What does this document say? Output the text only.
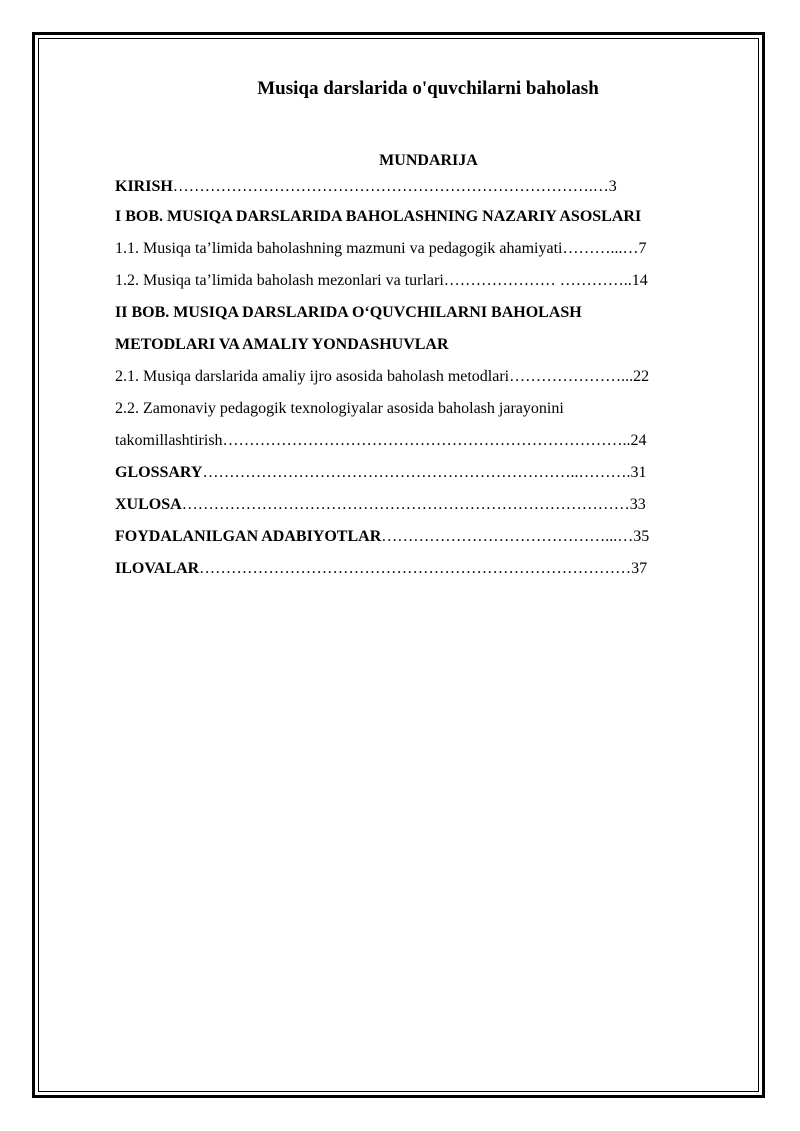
Musiqa darslarida o'quvchilarni baholash
MUNDARIJA
KIRISH…………………………………………………………………….…3
I BOB. MUSIQA DARSLARIDA BAHOLASHNING NAZARIY ASOSLARI
1.1. Musiqa ta’limida baholashning mazmuni va pedagogik ahamiyati………...…7
1.2. Musiqa ta’limida baholash mezonlari va turlari………………… …………..14
II BOB. MUSIQA DARSLARIDA O‘QUVCHILARNI BAHOLASH
METODLARI VA AMALIY YONDASHUVLAR
2.1. Musiqa darslarida amaliy ijro asosida baholash metodlari…………………...22
2.2. Zamonaviy pedagogik texnologiyalar asosida baholash jarayonini
takomillashtirish…………………………………………………………………..24
GLOSSARY……………………………………………………………..……….31
XULOSA…………………………………………………………………………33
FOYDALANILGAN ADABIYOTLAR……………………………………...…35
ILOVALAR………………………………………………………………………37
